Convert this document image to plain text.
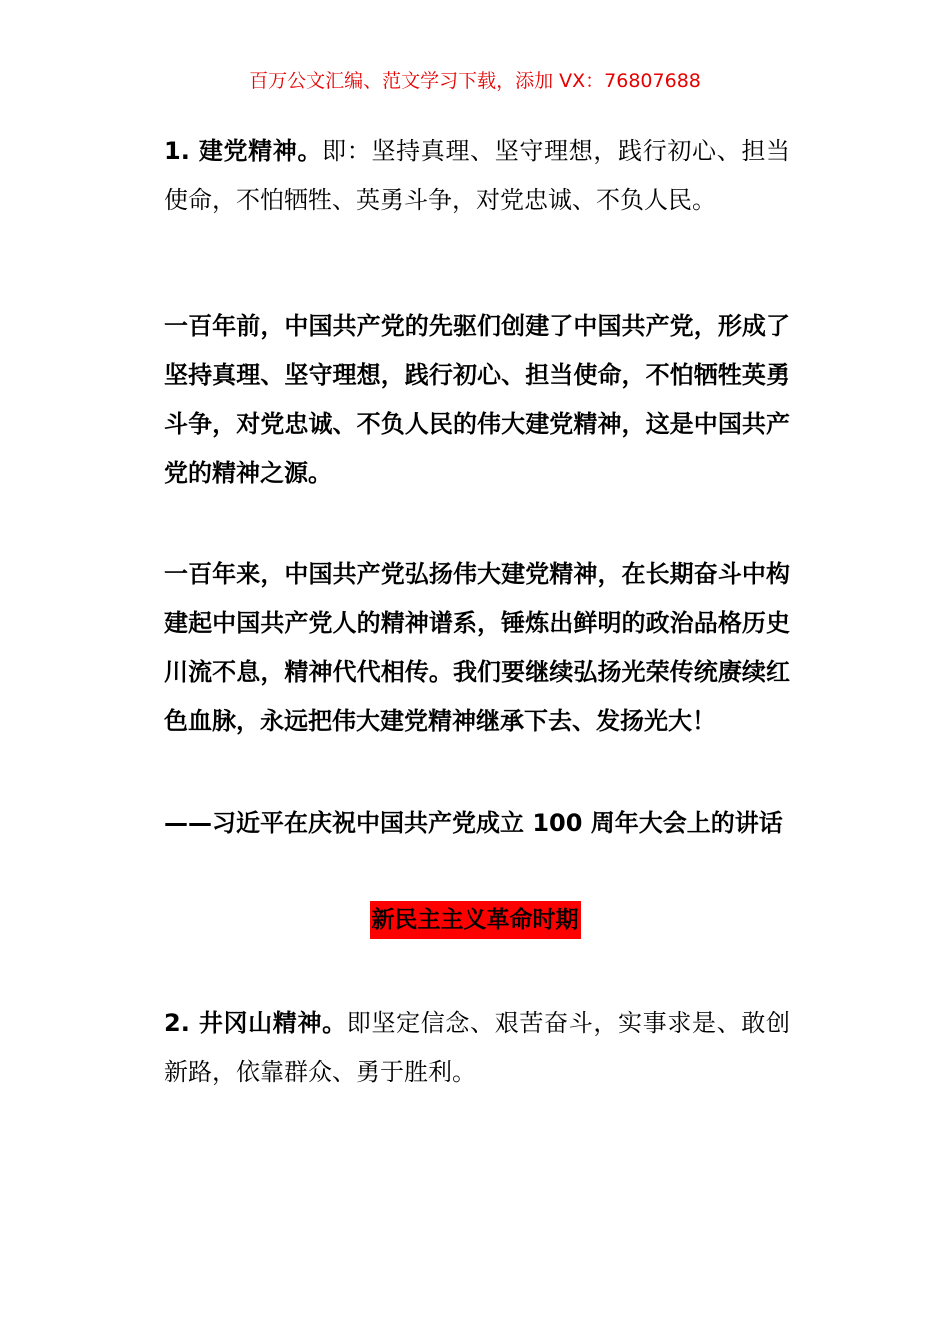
百万公文汇编、范文学习下载，添加 VX：76807688
1. 建党精神。即：坚持真理、坚守理想，践行初心、担当使命，不怕牺牲、英勇斗争，对党忠诚、不负人民。
一百年前，中国共产党的先驱们创建了中国共产党，形成了坚持真理、坚守理想，践行初心、担当使命，不怕牺牲英勇斗争，对党忠诚、不负人民的伟大建党精神，这是中国共产党的精神之源。
一百年来，中国共产党弘扬伟大建党精神，在长期奋斗中构建起中国共产党人的精神谱系，锤炼出鲜明的政治品格历史川流不息，精神代代相传。我们要继续弘扬光荣传统赓续红色血脉，永远把伟大建党精神继承下去、发扬光大！
——习近平在庆祝中国共产党成立 100 周年大会上的讲话
新民主主义革命时期
2. 井冈山精神。即坚定信念、艰苦奋斗，实事求是、敢创新路，依靠群众、勇于胜利。
